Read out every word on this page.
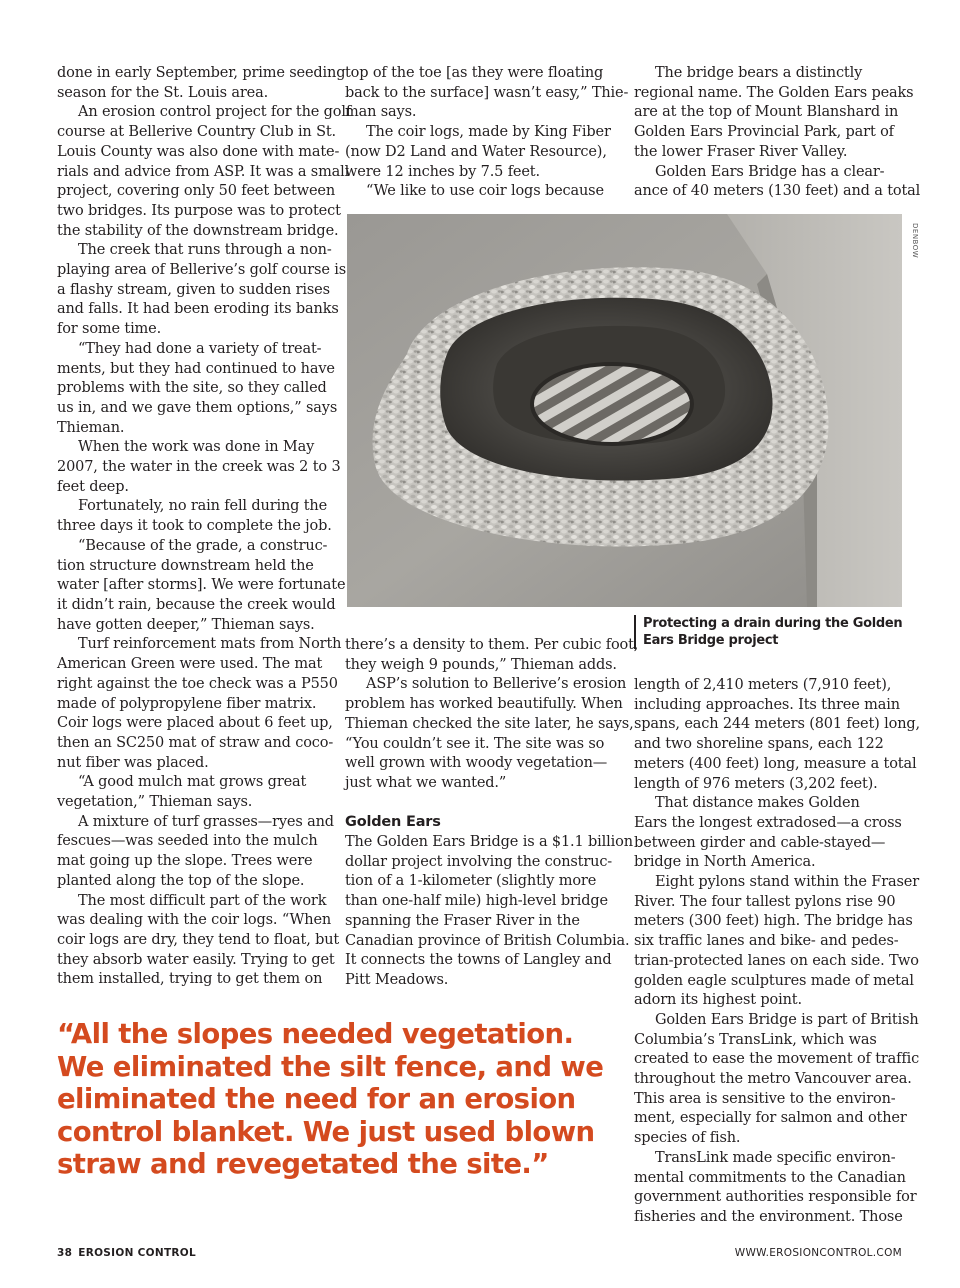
done in early September, prime seeding

season for the St. Louis area.

An erosion control project for the golf

course at Bellerive Country Club in St.

Louis County was also done with mate-

rials and advice from ASP. It was a small

project, covering only 50 feet between

two bridges. Its purpose was to protect

the stability of the downstream bridge.

The creek that runs through a non-

playing area of Bellerive’s golf course is

a flashy stream, given to sudden rises

and falls. It had been eroding its banks

for some time.

“They had done a variety of treat-

ments, but they had continued to have

problems with the site, so they called

us in, and we gave them options,” says

Thieman.

When the work was done in May

2007, the water in the creek was 2 to 3

feet deep.

Fortunately, no rain fell during the

three days it took to complete the job.

“Because of the grade, a construc-

tion structure downstream held the

water [after storms]. We were fortunate

it didn’t rain, because the creek would

have gotten deeper,” Thieman says.

Turf reinforcement mats from North

American Green were used. The mat

right against the toe check was a P550

made of polypropylene fiber matrix.

Coir logs were placed about 6 feet up,

then an SC250 mat of straw and coco-

nut fiber was placed.

“A good mulch mat grows great

vegetation,” Thieman says.

A mixture of turf grasses—ryes and

fescues—was seeded into the mulch

mat going up the slope. Trees were

planted along the top of the slope.

The most difficult part of the work

was dealing with the coir logs. “When

coir logs are dry, they tend to float, but

they absorb water easily. Trying to get

them installed, trying to get them on

top of the toe [as they were floating

back to the surface] wasn’t easy,” Thie-

man says.

The coir logs, made by King Fiber

(now D2 Land and Water Resource),

were 12 inches by 7.5 feet.

“We like to use coir logs because

DENBOW

The bridge bears a distinctly

regional name. The Golden Ears peaks

are at the top of Mount Blanshard in

Golden Ears Provincial Park, part of

the lower Fraser River Valley.

Golden Ears Bridge has a clear-

ance of 40 meters (130 feet) and a total

Protecting a drain during the Golden
Ears Bridge project

there’s a density to them. Per cubic foot,

they weigh 9 pounds,” Thieman adds.

ASP’s solution to Bellerive’s erosion

problem has worked beautifully. When

Thieman checked the site later, he says,

“You couldn’t see it. The site was so

well grown with woody vegetation—

just what we wanted.”

Golden Ears

The Golden Ears Bridge is a $1.1 billion

dollar project involving the construc-

tion of a 1-kilometer (slightly more

than one-half mile) high-level bridge

spanning the Fraser River in the

Canadian province of British Columbia.

It connects the towns of Langley and

Pitt Meadows.

length of 2,410 meters (7,910 feet),

including approaches. Its three main

spans, each 244 meters (801 feet) long,

and two shoreline spans, each 122

meters (400 feet) long, measure a total

length of 976 meters (3,202 feet).

That distance makes Golden

Ears the longest extradosed—a cross

between girder and cable-stayed—

bridge in North America.

Eight pylons stand within the Fraser

River. The four tallest pylons rise 90

meters (300 feet) high. The bridge has

six traffic lanes and bike- and pedes-

trian-protected lanes on each side. Two

golden eagle sculptures made of metal

adorn its highest point.

Golden Ears Bridge is part of British

Columbia’s TransLink, which was

created to ease the movement of traffic

throughout the metro Vancouver area.

This area is sensitive to the environ-

ment, especially for salmon and other

species of fish.

TransLink made specific environ-

mental commitments to the Canadian

government authorities responsible for

fisheries and the environment. Those

“All the slopes needed vegetation.
We eliminated the silt fence, and we
eliminated the need for an erosion
control blanket. We just used blown
straw and revegetated the site.”
38 EROSION CONTROL	WWW.EROSIONCONTROL.COM
